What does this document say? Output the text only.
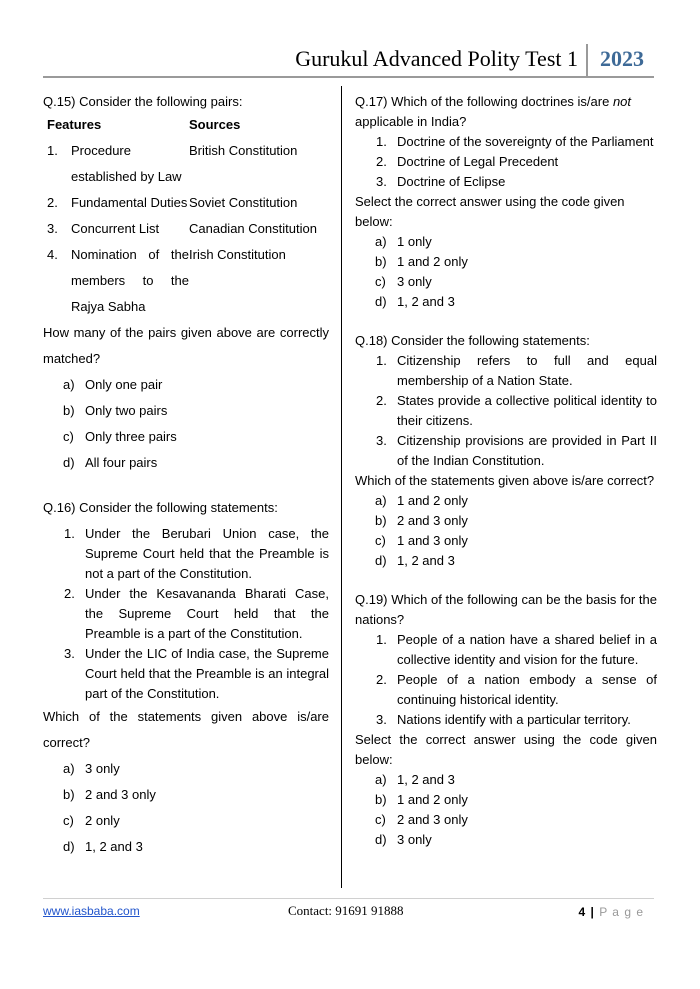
Gurukul Advanced Polity Test 1 2023

Q.15) Consider the following pairs:

Features		Sources
1.	Procedure established by Law	British Constitution
2.	Fundamental Duties	Soviet Constitution
3.	Concurrent List	Canadian Constitution
4.	Nomination of the members to the Rajya Sabha	Irish Constitution

How many of the pairs given above are correctly matched?

a) Only one pair
b) Only two pairs
c) Only three pairs
d) All four pairs

Q.16) Consider the following statements:

1. Under the Berubari Union case, the Supreme Court held that the Preamble is not a part of the Constitution.
2. Under the Kesavananda Bharati Case, the Supreme Court held that the Preamble is a part of the Constitution.
3. Under the LIC of India case, the Supreme Court held that the Preamble is an integral part of the Constitution.

Which of the statements given above is/are correct?

a) 3 only
b) 2 and 3 only
c) 2 only
d) 1, 2 and 3

Q.17) Which of the following doctrines is/are not applicable in India?

1. Doctrine of the sovereignty of the Parliament
2. Doctrine of Legal Precedent
3. Doctrine of Eclipse

Select the correct answer using the code given below:

a) 1 only
b) 1 and 2 only
c) 3 only
d) 1, 2 and 3

Q.18) Consider the following statements:

1. Citizenship refers to full and equal membership of a Nation State.
2. States provide a collective political identity to their citizens.
3. Citizenship provisions are provided in Part II of the Indian Constitution.

Which of the statements given above is/are correct?

a) 1 and 2 only
b) 2 and 3 only
c) 1 and 3 only
d) 1, 2 and 3

Q.19) Which of the following can be the basis for the nations?

1. People of a nation have a shared belief in a collective identity and vision for the future.
2. People of a nation embody a sense of continuing historical identity.
3. Nations identify with a particular territory.

Select the correct answer using the code given below:

a) 1, 2 and 3
b) 1 and 2 only
c) 2 and 3 only
d) 3 only
www.iasbaba.com	Contact: 91691 91888	4 | P a g e
